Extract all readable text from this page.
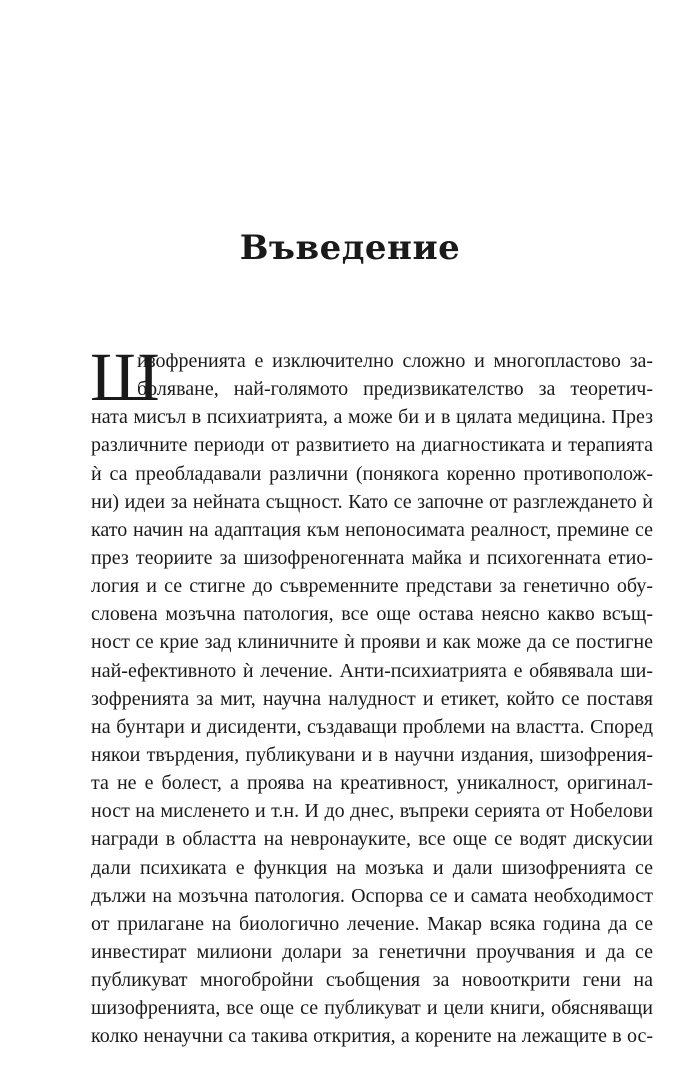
Въведение
Ш
изофренията е изключително сложно и многопластово за-
боляване, най-голямото предизвикателство за теоретич-
ната мисъл в психиатрията, а може би и в цялата медицина. През
различните периоди от развитието на диагностиката и терапията
ѝ са преобладавали различни (понякога коренно противополож-
ни) идеи за нейната същност. Като се започне от разглеждането ѝ
като начин на адаптация към непоносимата реалност, премине се
през теориите за шизофреногенната майка и психогенната етио-
логия и се стигне до съвременните представи за генетично обу-
словена мозъчна патология, все още остава неясно какво всъщ-
ност се крие зад клиничните ѝ прояви и как може да се постигне
най-ефективното ѝ лечение. Анти-психиатрията е обявявала ши-
зофренията за мит, научна налудност и етикет, който се поставя
на бунтари и дисиденти, създаващи проблеми на властта. Според
някои твърдения, публикувани и в научни издания, шизофрения-
та не е болест, а проява на креативност, уникалност, оригинал-
ност на мисленето и т.н. И до днес, въпреки серията от Нобелови
награди в областта на невронауките, все още се водят дискусии
дали психиката е функция на мозъка и дали шизофренията се
дължи на мозъчна патология. Оспорва се и самата необходимост
от прилагане на биологично лечение. Макар всяка година да се
инвестират милиони долари за генетични проучвания и да се
публикуват многобройни съобщения за новооткрити гени на
шизофренията, все още се публикуват и цели книги, обясняващи
колко ненаучни са такива открития, а корените на лежащите в ос-
